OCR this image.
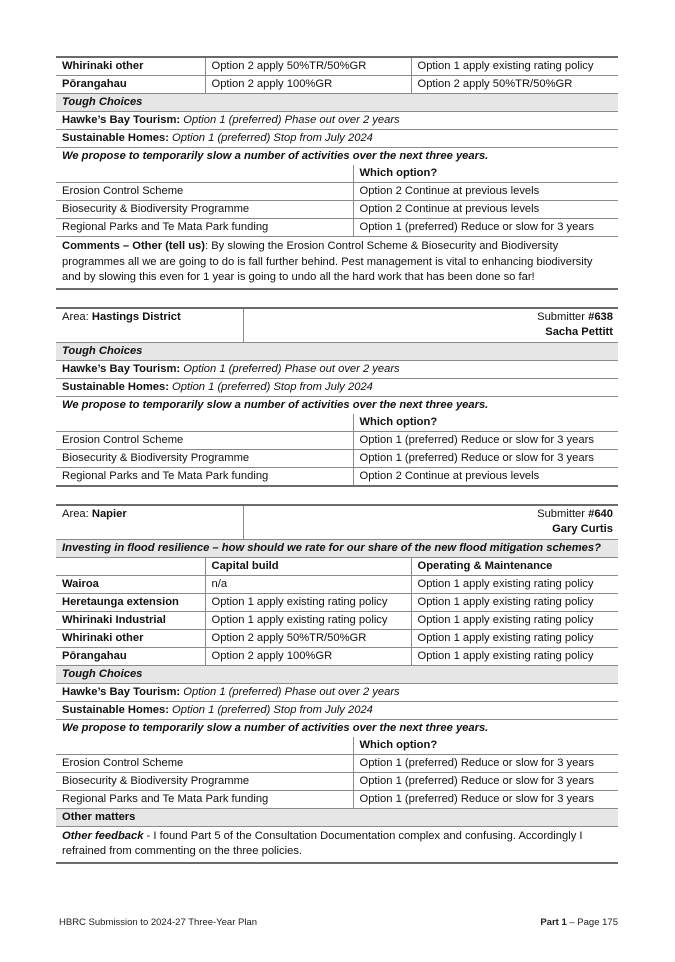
Whirinaki other	Option 2 apply 50%TR/50%GR	Option 1 apply existing rating policy
Pōrangahau	Option 2 apply 100%GR	Option 2 apply 50%TR/50%GR
Tough Choices		
Hawke’s Bay Tourism: Option 1 (preferred) Phase out over 2 years		
Sustainable Homes: Option 1 (preferred) Stop from July 2024		
We propose to temporarily slow a number of activities over the next three years.	
	Which option?
Erosion Control Scheme	Option 2 Continue at previous levels
Biosecurity & Biodiversity Programme	Option 2 Continue at previous levels
Regional Parks and Te Mata Park funding	Option 1 (preferred) Reduce or slow for 3 years
Comments – Other (tell us): By slowing the Erosion Control Scheme & Biosecurity and Biodiversity programmes all we are going to do is fall further behind. Pest management is vital to enhancing biodiversity and by slowing this even for 1 year is going to undo all the hard work that has been done so far!	
Area: Hastings District	Submitter #638
Sacha Pettitt
Tough Choices
Hawke’s Bay Tourism: Option 1 (preferred) Phase out over 2 years
Sustainable Homes: Option 1 (preferred) Stop from July 2024
We propose to temporarily slow a number of activities over the next three years.	
	Which option?
Erosion Control Scheme	Option 1 (preferred) Reduce or slow for 3 years
Biosecurity & Biodiversity Programme	Option 1 (preferred) Reduce or slow for 3 years
Regional Parks and Te Mata Park funding	Option 2 Continue at previous levels
Area: Napier	Submitter #640
Gary Curtis
Investing in flood resilience – how should we rate for our share of the new flood mitigation schemes?
	Capital build	Operating & Maintenance
Wairoa	n/a	Option 1 apply existing rating policy
Heretaunga extension	Option 1 apply existing rating policy	Option 1 apply existing rating policy
Whirinaki Industrial	Option 1 apply existing rating policy	Option 1 apply existing rating policy
Whirinaki other	Option 2 apply 50%TR/50%GR	Option 1 apply existing rating policy
Pōrangahau	Option 2 apply 100%GR	Option 1 apply existing rating policy
Tough Choices		
Hawke’s Bay Tourism: Option 1 (preferred) Phase out over 2 years		
Sustainable Homes: Option 1 (preferred) Stop from July 2024		
We propose to temporarily slow a number of activities over the next three years.	
	Which option?
Erosion Control Scheme	Option 1 (preferred) Reduce or slow for 3 years
Biosecurity & Biodiversity Programme	Option 1 (preferred) Reduce or slow for 3 years
Regional Parks and Te Mata Park funding	Option 1 (preferred) Reduce or slow for 3 years
Other matters	
Other feedback - I found Part 5 of the Consultation Documentation complex and confusing. Accordingly I refrained from commenting on the three policies.	
HBRC Submission to 2024-27 Three-Year Plan	Part 1 – Page 175
